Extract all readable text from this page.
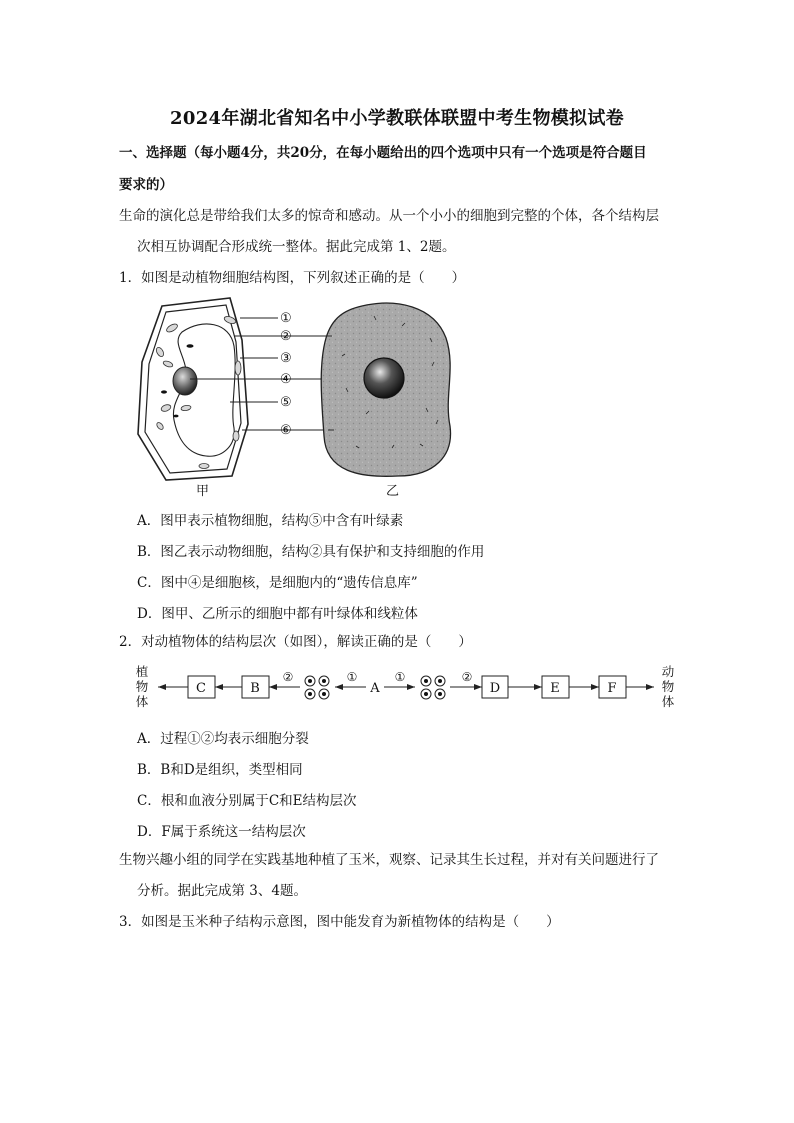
2024年湖北省知名中小学教联体联盟中考生物模拟试卷
一、选择题（每小题4分，共20分，在每小题给出的四个选项中只有一个选项是符合题目
要求的）
生命的演化总是带给我们太多的惊奇和感动。从一个小小的细胞到完整的个体，各个结构层
次相互协调配合形成统一整体。据此完成第 1、2题。
1．如图是动植物细胞结构图，下列叙述正确的是（　　）
①
②
③
④
⑤
⑥
甲	乙
A．图甲表示植物细胞，结构⑤中含有叶绿素
B．图乙表示动物细胞，结构②具有保护和支持细胞的作用
C．图中④是细胞核，是细胞内的“遗传信息库”
D．图甲、乙所示的细胞中都有叶绿体和线粒体
2．对动植物体的结构层次（如图），解读正确的是（　　）
植
物
体
动
物
体
C	B	D	E	F
A
②	①	①	②
A．过程①②均表示细胞分裂
B．B和D是组织，类型相同
C．根和血液分别属于C和E结构层次
D．F属于系统这一结构层次
生物兴趣小组的同学在实践基地种植了玉米，观察、记录其生长过程，并对有关问题进行了
分析。据此完成第 3、4题。
3．如图是玉米种子结构示意图，图中能发育为新植物体的结构是（　　）
